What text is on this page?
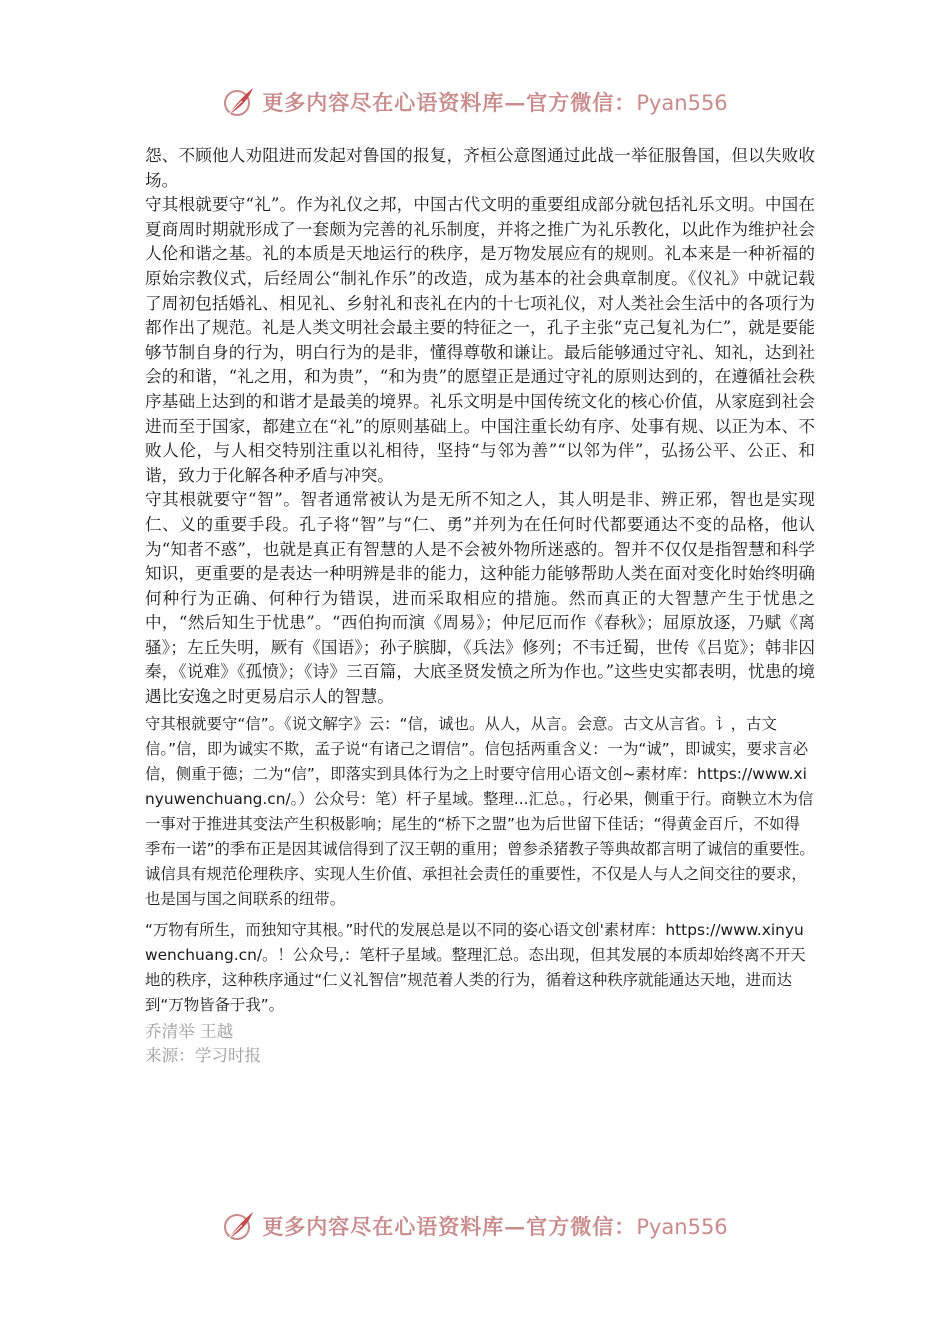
更多内容尽在心语资料库—官方微信：Pyan556

怨、不顾他人劝阻进而发起对鲁国的报复，齐桓公意图通过此战一举征服鲁国，但以失败收场。

守其根就要守“礼”。作为礼仪之邦，中国古代文明的重要组成部分就包括礼乐文明。中国在夏商周时期就形成了一套颇为完善的礼乐制度，并将之推广为礼乐教化，以此作为维护社会人伦和谐之基。礼的本质是天地运行的秩序，是万物发展应有的规则。礼本来是一种祈福的原始宗教仪式，后经周公“制礼作乐”的改造，成为基本的社会典章制度。《仪礼》中就记载了周初包括婚礼、相见礼、乡射礼和丧礼在内的十七项礼仪，对人类社会生活中的各项行为都作出了规范。礼是人类文明社会最主要的特征之一，孔子主张“克己复礼为仁”，就是要能够节制自身的行为，明白行为的是非，懂得尊敬和谦让。最后能够通过守礼、知礼，达到社会的和谐，“礼之用，和为贵”，“和为贵”的愿望正是通过守礼的原则达到的，在遵循社会秩序基础上达到的和谐才是最美的境界。礼乐文明是中国传统文化的核心价值，从家庭到社会进而至于国家，都建立在“礼”的原则基础上。中国注重长幼有序、处事有规、以正为本、不败人伦，与人相交特别注重以礼相待，坚持“与邻为善”“以邻为伴”，弘扬公平、公正、和谐，致力于化解各种矛盾与冲突。

守其根就要守“智”。智者通常被认为是无所不知之人，其人明是非、辨正邪，智也是实现仁、义的重要手段。孔子将“智”与“仁、勇”并列为在任何时代都要通达不变的品格，他认为“知者不惑”，也就是真正有智慧的人是不会被外物所迷惑的。智并不仅仅是指智慧和科学知识，更重要的是表达一种明辨是非的能力，这种能力能够帮助人类在面对变化时始终明确何种行为正确、何种行为错误，进而采取相应的措施。然而真正的大智慧产生于忧患之中，“然后知生于忧患”。“西伯拘而演《周易》；仲尼厄而作《春秋》；屈原放逐，乃赋《离骚》；左丘失明，厥有《国语》；孙子膑脚，《兵法》修列；不韦迁蜀，世传《吕览》；韩非囚秦，《说难》《孤愤》；《诗》三百篇，大底圣贤发愤之所为作也。”这些史实都表明，忧患的境遇比安逸之时更易启示人的智慧。

守其根就要守“信”。《说文解字》云：“信，诚也。从人，从言。会意。古文从言省。讠，古文信。”信，即为诚实不欺，孟子说“有诸己之谓信”。信包括两重含义：一为“诚”，即诚实，要求言必信，侧重于德；二为“信”，即落实到具体行为之上时要守信用心语文创~素材库：https://www.xinyuwenchuang.cn/。）公众号：笔）杆子星域。整理...汇总。，行必果，侧重于行。商鞅立木为信一事对于推进其变法产生积极影响；尾生的“桥下之盟”也为后世留下佳话；“得黄金百斤，不如得季布一诺”的季布正是因其诚信得到了汉王朝的重用；曾参杀猪教子等典故都言明了诚信的重要性。诚信具有规范伦理秩序、实现人生价值、承担社会责任的重要性，不仅是人与人之间交往的要求，也是国与国之间联系的纽带。

“万物有所生，而独知守其根。”时代的发展总是以不同的姿心语文创'素材库：https://www.xinyuwenchuang.cn/。！公众号,：笔杆子星域。整理汇总。态出现，但其发展的本质却始终离不开天地的秩序，这种秩序通过“仁义礼智信”规范着人类的行为，循着这种秩序就能通达天地，进而达到“万物皆备于我”。

乔清举 王越

来源：学习时报

更多内容尽在心语资料库—官方微信：Pyan556
